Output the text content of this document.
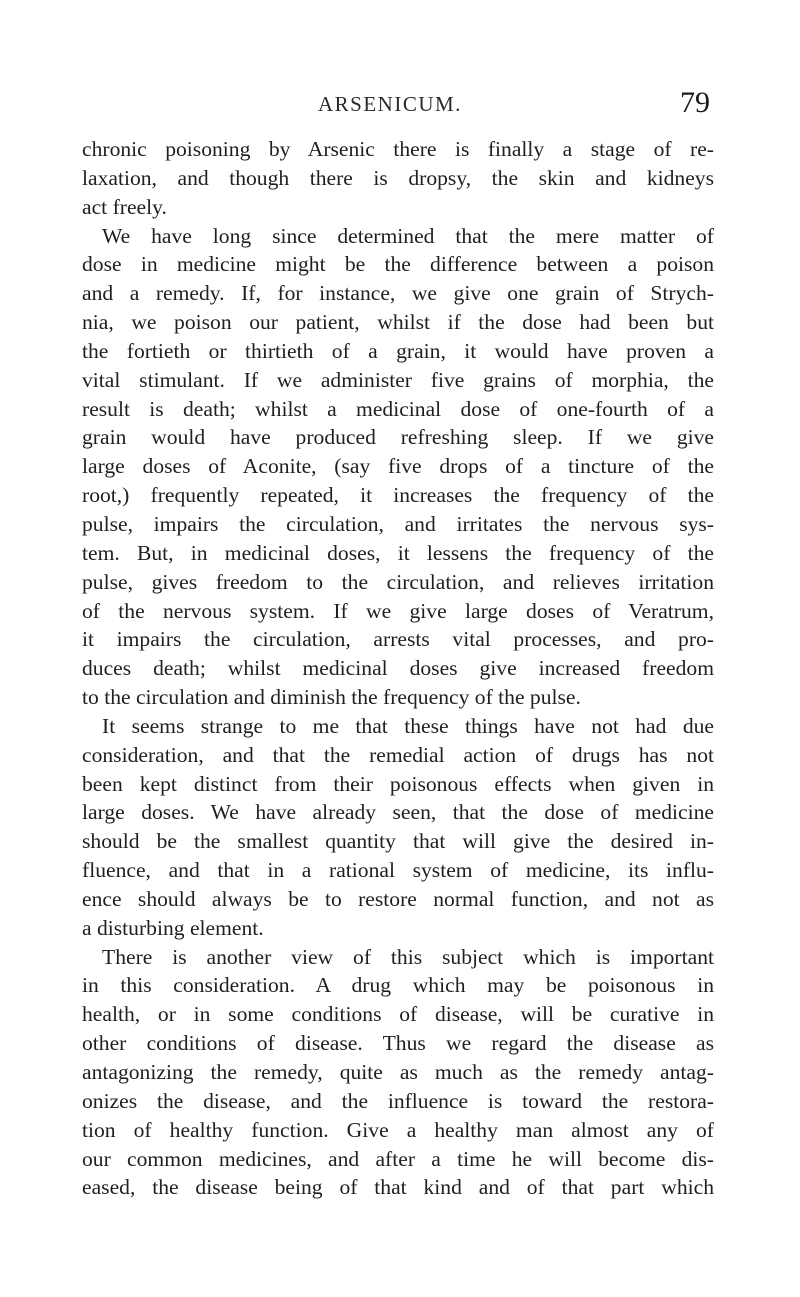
ARSENICUM.	79
chronic poisoning by Arsenic there is finally a stage of re-
laxation, and though there is dropsy, the skin and kidneys
act freely.
We have long since determined that the mere matter of
dose in medicine might be the difference between a poison
and a remedy. If, for instance, we give one grain of Strych-
nia, we poison our patient, whilst if the dose had been but
the fortieth or thirtieth of a grain, it would have proven a
vital stimulant. If we administer five grains of morphia, the
result is death; whilst a medicinal dose of one-fourth of a
grain would have produced refreshing sleep. If we give
large doses of Aconite, (say five drops of a tincture of the
root,) frequently repeated, it increases the frequency of the
pulse, impairs the circulation, and irritates the nervous sys-
tem. But, in medicinal doses, it lessens the frequency of the
pulse, gives freedom to the circulation, and relieves irritation
of the nervous system. If we give large doses of Veratrum,
it impairs the circulation, arrests vital processes, and pro-
duces death; whilst medicinal doses give increased freedom
to the circulation and diminish the frequency of the pulse.
It seems strange to me that these things have not had due
consideration, and that the remedial action of drugs has not
been kept distinct from their poisonous effects when given in
large doses. We have already seen, that the dose of medicine
should be the smallest quantity that will give the desired in-
fluence, and that in a rational system of medicine, its influ-
ence should always be to restore normal function, and not as
a disturbing element.
There is another view of this subject which is important
in this consideration. A drug which may be poisonous in
health, or in some conditions of disease, will be curative in
other conditions of disease. Thus we regard the disease as
antagonizing the remedy, quite as much as the remedy antag-
onizes the disease, and the influence is toward the restora-
tion of healthy function. Give a healthy man almost any of
our common medicines, and after a time he will become dis-
eased, the disease being of that kind and of that part which
